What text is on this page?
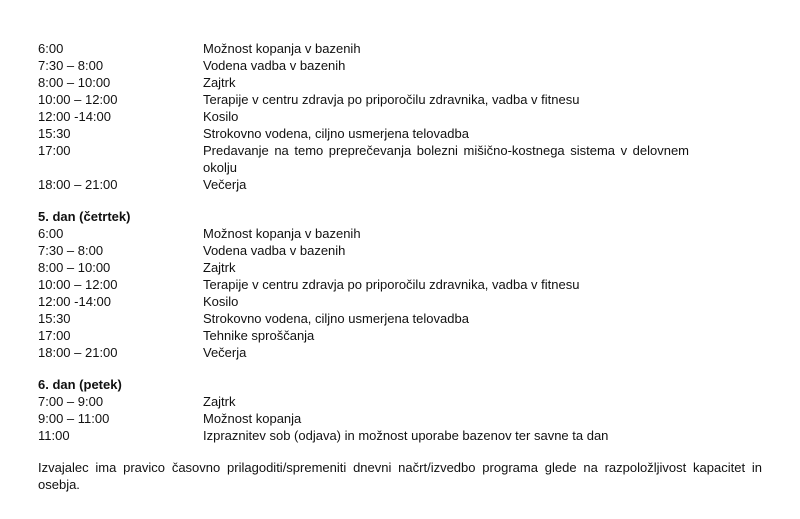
6:00	Možnost kopanja v bazenih
7:30 – 8:00	Vodena vadba v bazenih
8:00 – 10:00	Zajtrk
10:00 – 12:00	Terapije v centru zdravja po priporočilu zdravnika, vadba v fitnesu
12:00 -14:00	Kosilo
15:30	Strokovno vodena, ciljno usmerjena telovadba
17:00	Predavanje na temo preprečevanja bolezni mišično-kostnega sistema v delovnem okolju
18:00 – 21:00	Večerja
5. dan (četrtek)
6:00	Možnost kopanja v bazenih
7:30 – 8:00	Vodena vadba v bazenih
8:00 – 10:00	Zajtrk
10:00 – 12:00	Terapije v centru zdravja po priporočilu zdravnika, vadba v fitnesu
12:00 -14:00	Kosilo
15:30	Strokovno vodena, ciljno usmerjena telovadba
17:00	Tehnike sproščanja
18:00 – 21:00	Večerja
6. dan (petek)
7:00 – 9:00	Zajtrk
9:00 – 11:00	Možnost kopanja
11:00	Izpraznitev sob (odjava) in možnost uporabe bazenov ter savne ta dan
Izvajalec ima pravico časovno prilagoditi/spremeniti dnevni načrt/izvedbo programa glede na razpoložljivost kapacitet in osebja.
